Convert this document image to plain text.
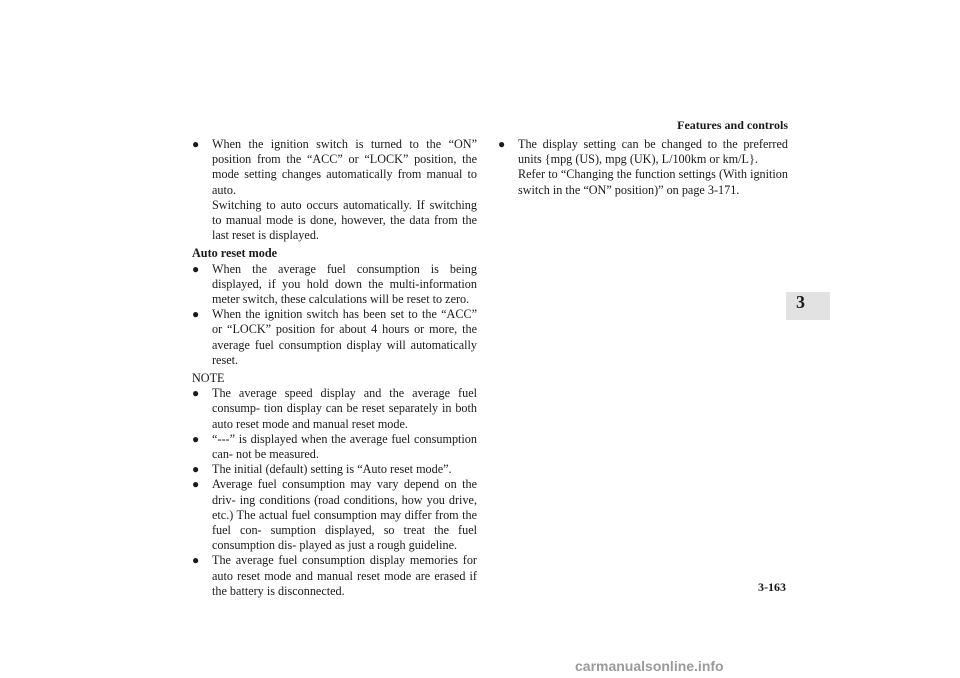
Features and controls
3
●	When the ignition switch is turned to the “ON” position from the “ACC” or “LOCK” position, the mode setting changes automatically from manual to auto.

Switching to auto occurs automatically. If switching to manual mode is done, however, the data from the last reset is displayed.

Auto reset mode
●	When the average fuel consumption is being displayed, if you hold down the multi-information meter switch, these calculations will be reset to zero.
●	When the ignition switch has been set to the “ACC” or “LOCK” position for about 4 hours or more, the average fuel consumption display will automatically reset.
NOTE
●	The average speed display and the average fuel consump- tion display can be reset separately in both auto reset mode and manual reset mode.
●	“---” is displayed when the average fuel consumption can- not be measured.
●	The initial (default) setting is “Auto reset mode”.
●	Average fuel consumption may vary depend on the driv- ing conditions (road conditions, how you drive, etc.) The actual fuel consumption may differ from the fuel con- sumption displayed, so treat the fuel consumption dis- played as just a rough guideline.
●	The average fuel consumption display memories for auto reset mode and manual reset mode are erased if the battery is disconnected.
●	The display setting can be changed to the preferred units {mpg (US), mpg (UK), L/100km or km/L}.

Refer to “Changing the function settings (With ignition switch in the “ON” position)” on page 3-171.

3-163
carmanualsonline.info
